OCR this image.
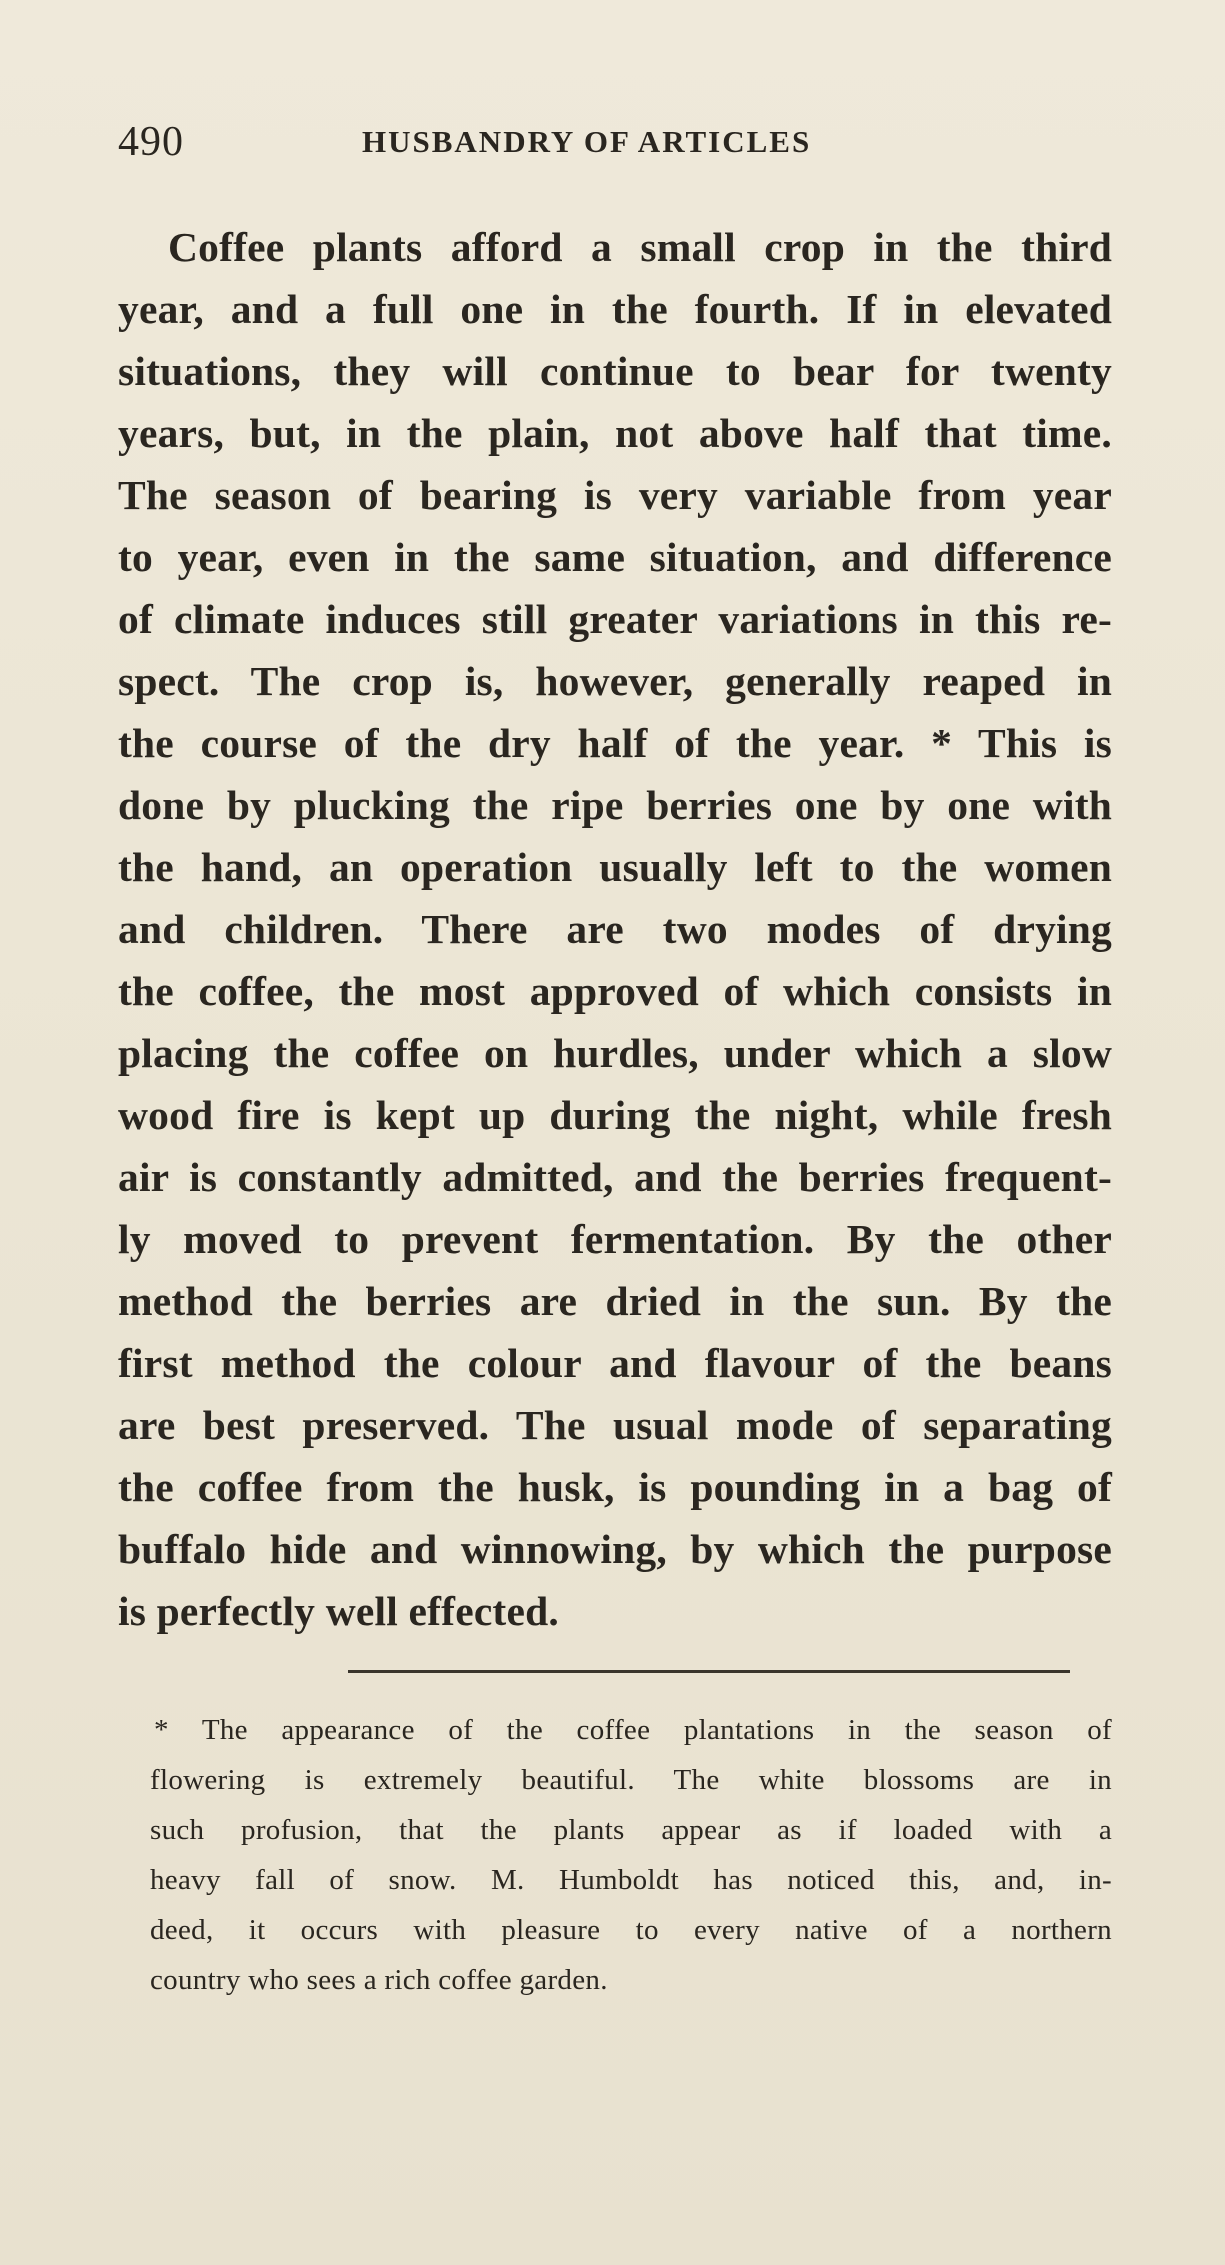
490	HUSBANDRY OF ARTICLES
Coffee plants afford a small crop in the third
year, and a full one in the fourth. If in elevated
situations, they will continue to bear for twenty
years, but, in the plain, not above half that time.
The season of bearing is very variable from year
to year, even in the same situation, and difference
of climate induces still greater variations in this re-
spect. The crop is, however, generally reaped in
the course of the dry half of the year. * This is
done by plucking the ripe berries one by one with
the hand, an operation usually left to the women
and children. There are two modes of drying
the coffee, the most approved of which consists in
placing the coffee on hurdles, under which a slow
wood fire is kept up during the night, while fresh
air is constantly admitted, and the berries frequent-
ly moved to prevent fermentation. By the other
method the berries are dried in the sun. By the
first method the colour and flavour of the beans
are best preserved. The usual mode of separating
the coffee from the husk, is pounding in a bag of
buffalo hide and winnowing, by which the purpose
is perfectly well effected.
* The appearance of the coffee plantations in the season of
flowering is extremely beautiful. The white blossoms are in
such profusion, that the plants appear as if loaded with a
heavy fall of snow. M. Humboldt has noticed this, and, in-
deed, it occurs with pleasure to every native of a northern
country who sees a rich coffee garden.
